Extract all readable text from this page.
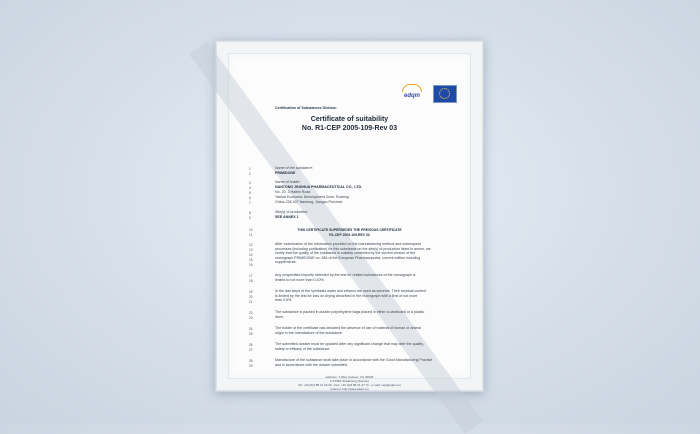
edqm
Certification of Substances Division
Certificate of suitability
No. R1-CEP 2005-109-Rev 03
1
2
3
4
5
6
7
8
9
10
11
12
13
14
15
16
17
18
19
20
21
22
23
24
25
26
27
28
29
Name of the substance:
PRIMIDONE
Name of holder:
NANTONG JINGHUA PHARMACEUTICAL CO., LTD.
No. 20, 3 Haibin Road
Yanhai Economic Development Zone, Rudong
China-226 407 Nantong, Jiangsu Province
Site(s) of production:
SEE ANNEX 1
THIS CERTIFICATE SUPERSEDES THE PREVIOUS CERTIFICATE
R1-CEP 2005-109-REV 02
After examination of the information provided on the manufacturing method and subsequent
processes (including purification) for this substance on the site(s) of production listed in annex, we
certify that the quality of the substance is suitably controlled by the current version of the
monograph PRIMIDONE no. 584 of the European Pharmacopoeia, current edition including
supplements.
Any unspecified impurity detected by the test for related substances of the monograph is
limited to not more than 0.10%.
In the last steps of the synthesis water and ethanol are used as solvents. Their residual content
is limited by the test for loss on drying described in the monograph with a limit of not more
than 0.5%.
The substance is packed in double polyethylene bags placed in either a cardboard or a plastic
drum.
The holder of the certificate has declared the absence of use of material of human or animal
origin in the manufacture of the substance.
The submitted dossier must be updated after any significant change that may alter the quality,
safety or efficacy of the substance.
Manufacture of the substance shall take place in accordance with the Good Manufacturing Practice
and in accordance with the dossier submitted.
Address: 7 Allée Kastner, CS 30026
F-67081 Strasbourg (France)
Tel: +33 (0)3 88 41 30 30 - Fax: +33 (0)3 88 41 27 71 - e-mail: cep@edqm.eu
Internet: http://www.edqm.eu
